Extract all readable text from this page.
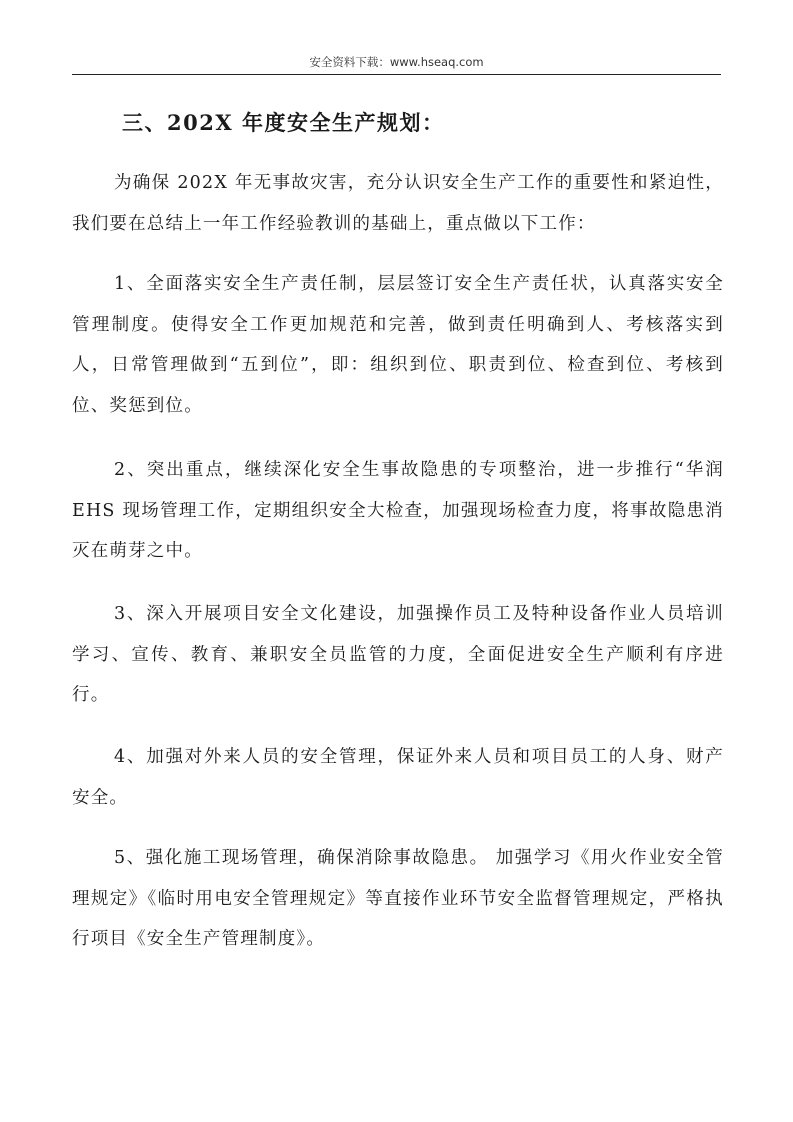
安全资料下载：www.hseaq.com
三、202X 年度安全生产规划：

为确保 202X 年无事故灾害，充分认识安全生产工作的重要性和紧迫性，我们要在总结上一年工作经验教训的基础上，重点做以下工作：

1、全面落实安全生产责任制，层层签订安全生产责任状，认真落实安全管理制度。使得安全工作更加规范和完善，做到责任明确到人、考核落实到人，日常管理做到“五到位”，即：组织到位、职责到位、检查到位、考核到位、奖惩到位。

2、突出重点，继续深化安全生事故隐患的专项整治，进一步推行“华润 EHS 现场管理工作，定期组织安全大检查，加强现场检查力度，将事故隐患消灭在萌芽之中。

3、深入开展项目安全文化建设，加强操作员工及特种设备作业人员培训学习、宣传、教育、兼职安全员监管的力度，全面促进安全生产顺利有序进行。

4、加强对外来人员的安全管理，保证外来人员和项目员工的人身、财产安全。

5、强化施工现场管理，确保消除事故隐患。 加强学习《用火作业安全管理规定》《临时用电安全管理规定》等直接作业环节安全监督管理规定，严格执行项目《安全生产管理制度》。
